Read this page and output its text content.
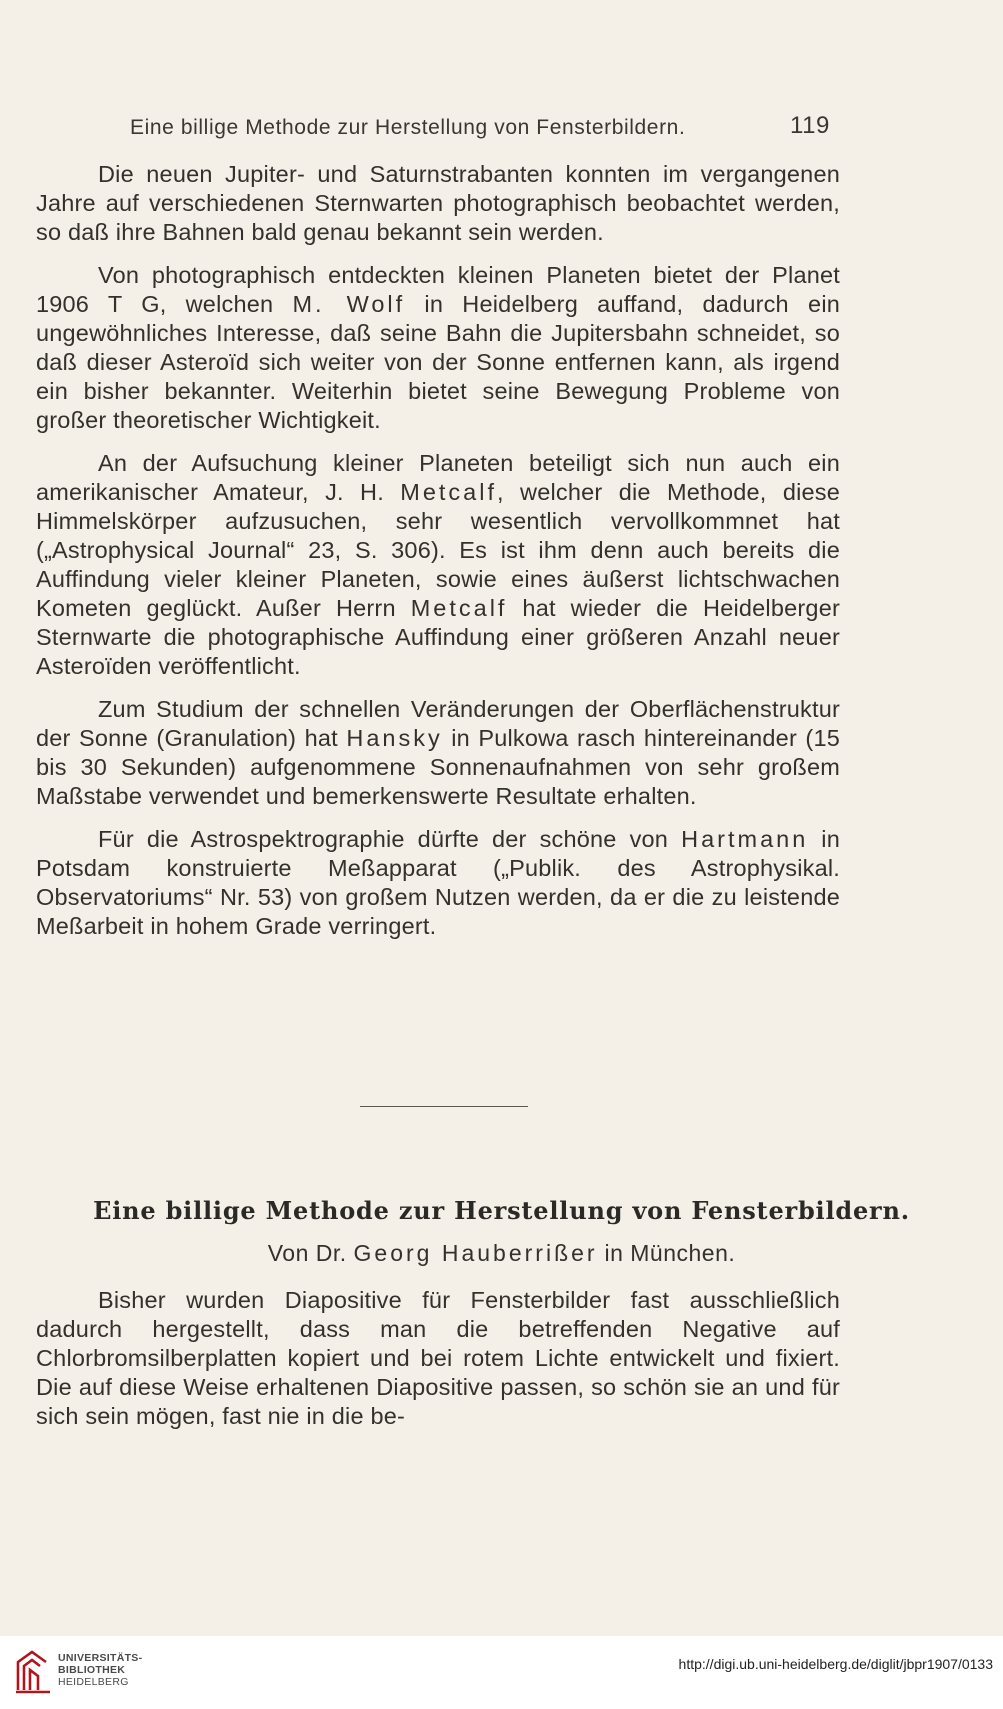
Eine billige Methode zur Herstellung von Fensterbildern.	119

Die neuen Jupiter- und Saturnstrabanten konnten im vergangenen Jahre auf verschiedenen Sternwarten photographisch beobachtet werden, so daß ihre Bahnen bald genau bekannt sein werden.

Von photographisch entdeckten kleinen Planeten bietet der Planet 1906 T G, welchen M. Wolf in Heidelberg auffand, dadurch ein ungewöhnliches Interesse, daß seine Bahn die Jupitersbahn schneidet, so daß dieser Asteroïd sich weiter von der Sonne entfernen kann, als irgend ein bisher bekannter. Weiterhin bietet seine Bewegung Probleme von großer theoretischer Wichtigkeit.

An der Aufsuchung kleiner Planeten beteiligt sich nun auch ein amerikanischer Amateur, J. H. Metcalf, welcher die Methode, diese Himmelskörper aufzusuchen, sehr wesentlich vervollkommnet hat („Astrophysical Journal“ 23, S. 306). Es ist ihm denn auch bereits die Auffindung vieler kleiner Planeten, sowie eines äußerst lichtschwachen Kometen geglückt. Außer Herrn Metcalf hat wieder die Heidelberger Sternwarte die photographische Auffindung einer größeren Anzahl neuer Asteroïden veröffentlicht.

Zum Studium der schnellen Veränderungen der Oberflächenstruktur der Sonne (Granulation) hat Hansky in Pulkowa rasch hintereinander (15 bis 30 Sekunden) aufgenommene Sonnenaufnahmen von sehr großem Maßstabe verwendet und bemerkenswerte Resultate erhalten.

Für die Astrospektrographie dürfte der schöne von Hartmann in Potsdam konstruierte Meßapparat („Publik. des Astrophysikal. Observatoriums“ Nr. 53) von großem Nutzen werden, da er die zu leistende Meßarbeit in hohem Grade verringert.

Eine billige Methode zur Herstellung von Fensterbildern.
Von Dr. Georg Hauberrißer in München.

Bisher wurden Diapositive für Fensterbilder fast ausschließlich dadurch hergestellt, dass man die betreffenden Negative auf Chlorbromsilberplatten kopiert und bei rotem Lichte entwickelt und fixiert. Die auf diese Weise erhaltenen Diapositive passen, so schön sie an und für sich sein mögen, fast nie in die be-

UNIVERSITÄTS-
BIBLIOTHEK
HEIDELBERG
http://digi.ub.uni-heidelberg.de/diglit/jbpr1907/0133
